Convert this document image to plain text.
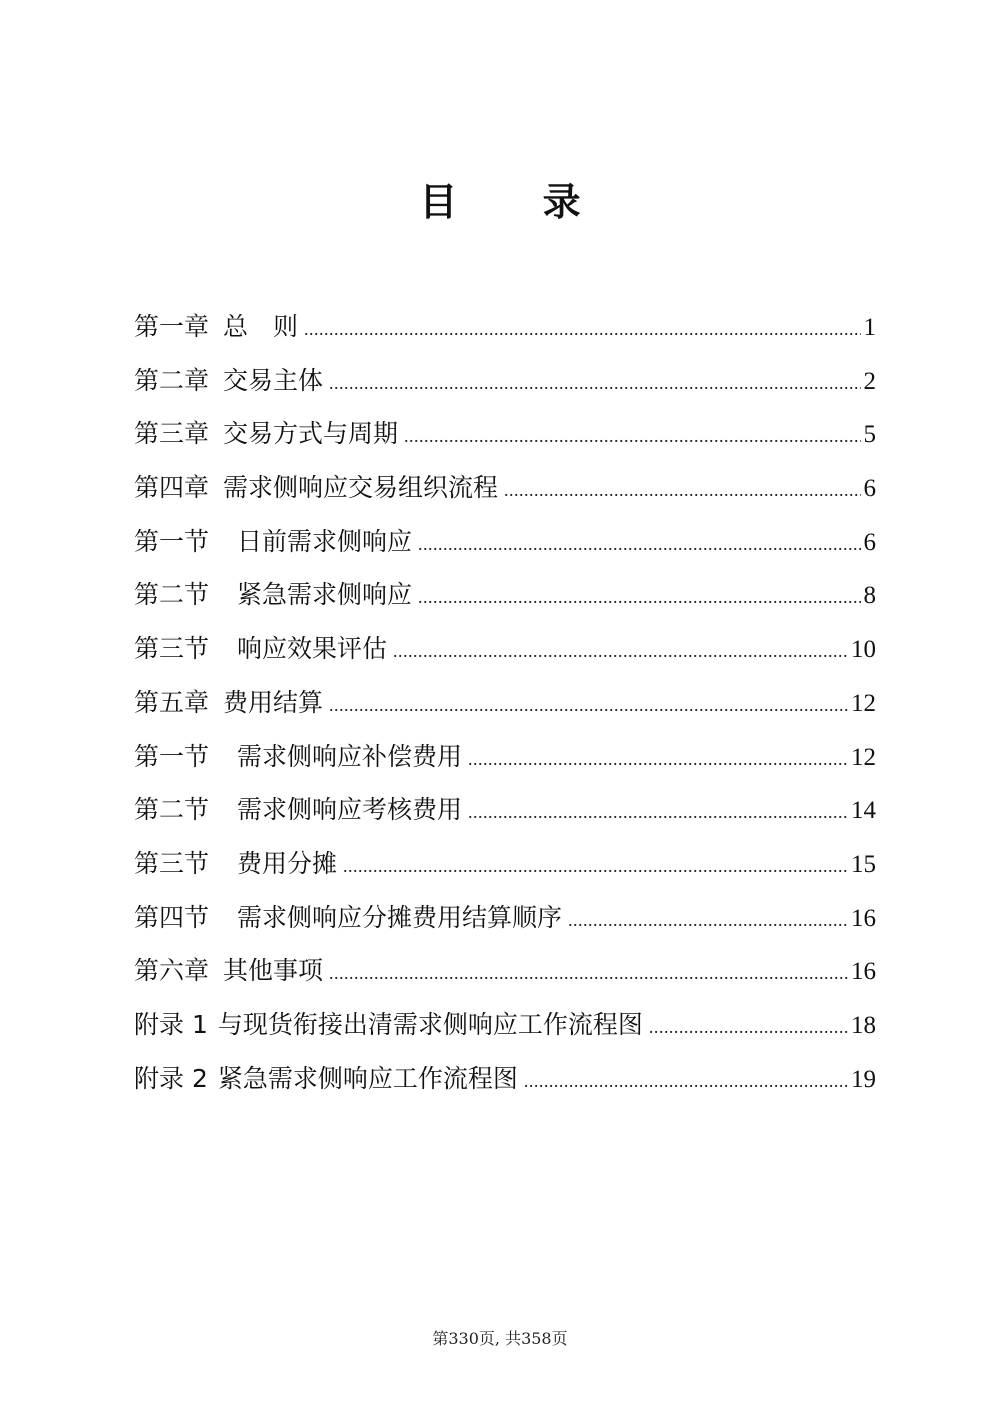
目 录
第一章 总　则 .....	1
第二章 交易主体 .....	2
第三章 交易方式与周期 .....	5
第四章 需求侧响应交易组织流程 .....	6
第一节 日前需求侧响应 .....	6
第二节 紧急需求侧响应 .....	8
第三节 响应效果评估 .....	10
第五章 费用结算 .....	12
第一节 需求侧响应补偿费用 .....	12
第二节 需求侧响应考核费用 .....	14
第三节 费用分摊 .....	15
第四节 需求侧响应分摊费用结算顺序 .....	16
第六章 其他事项 .....	16
附录 1 与现货衔接出清需求侧响应工作流程图 .....	18
附录 2 紧急需求侧响应工作流程图 .....	19

第330页, 共358页
